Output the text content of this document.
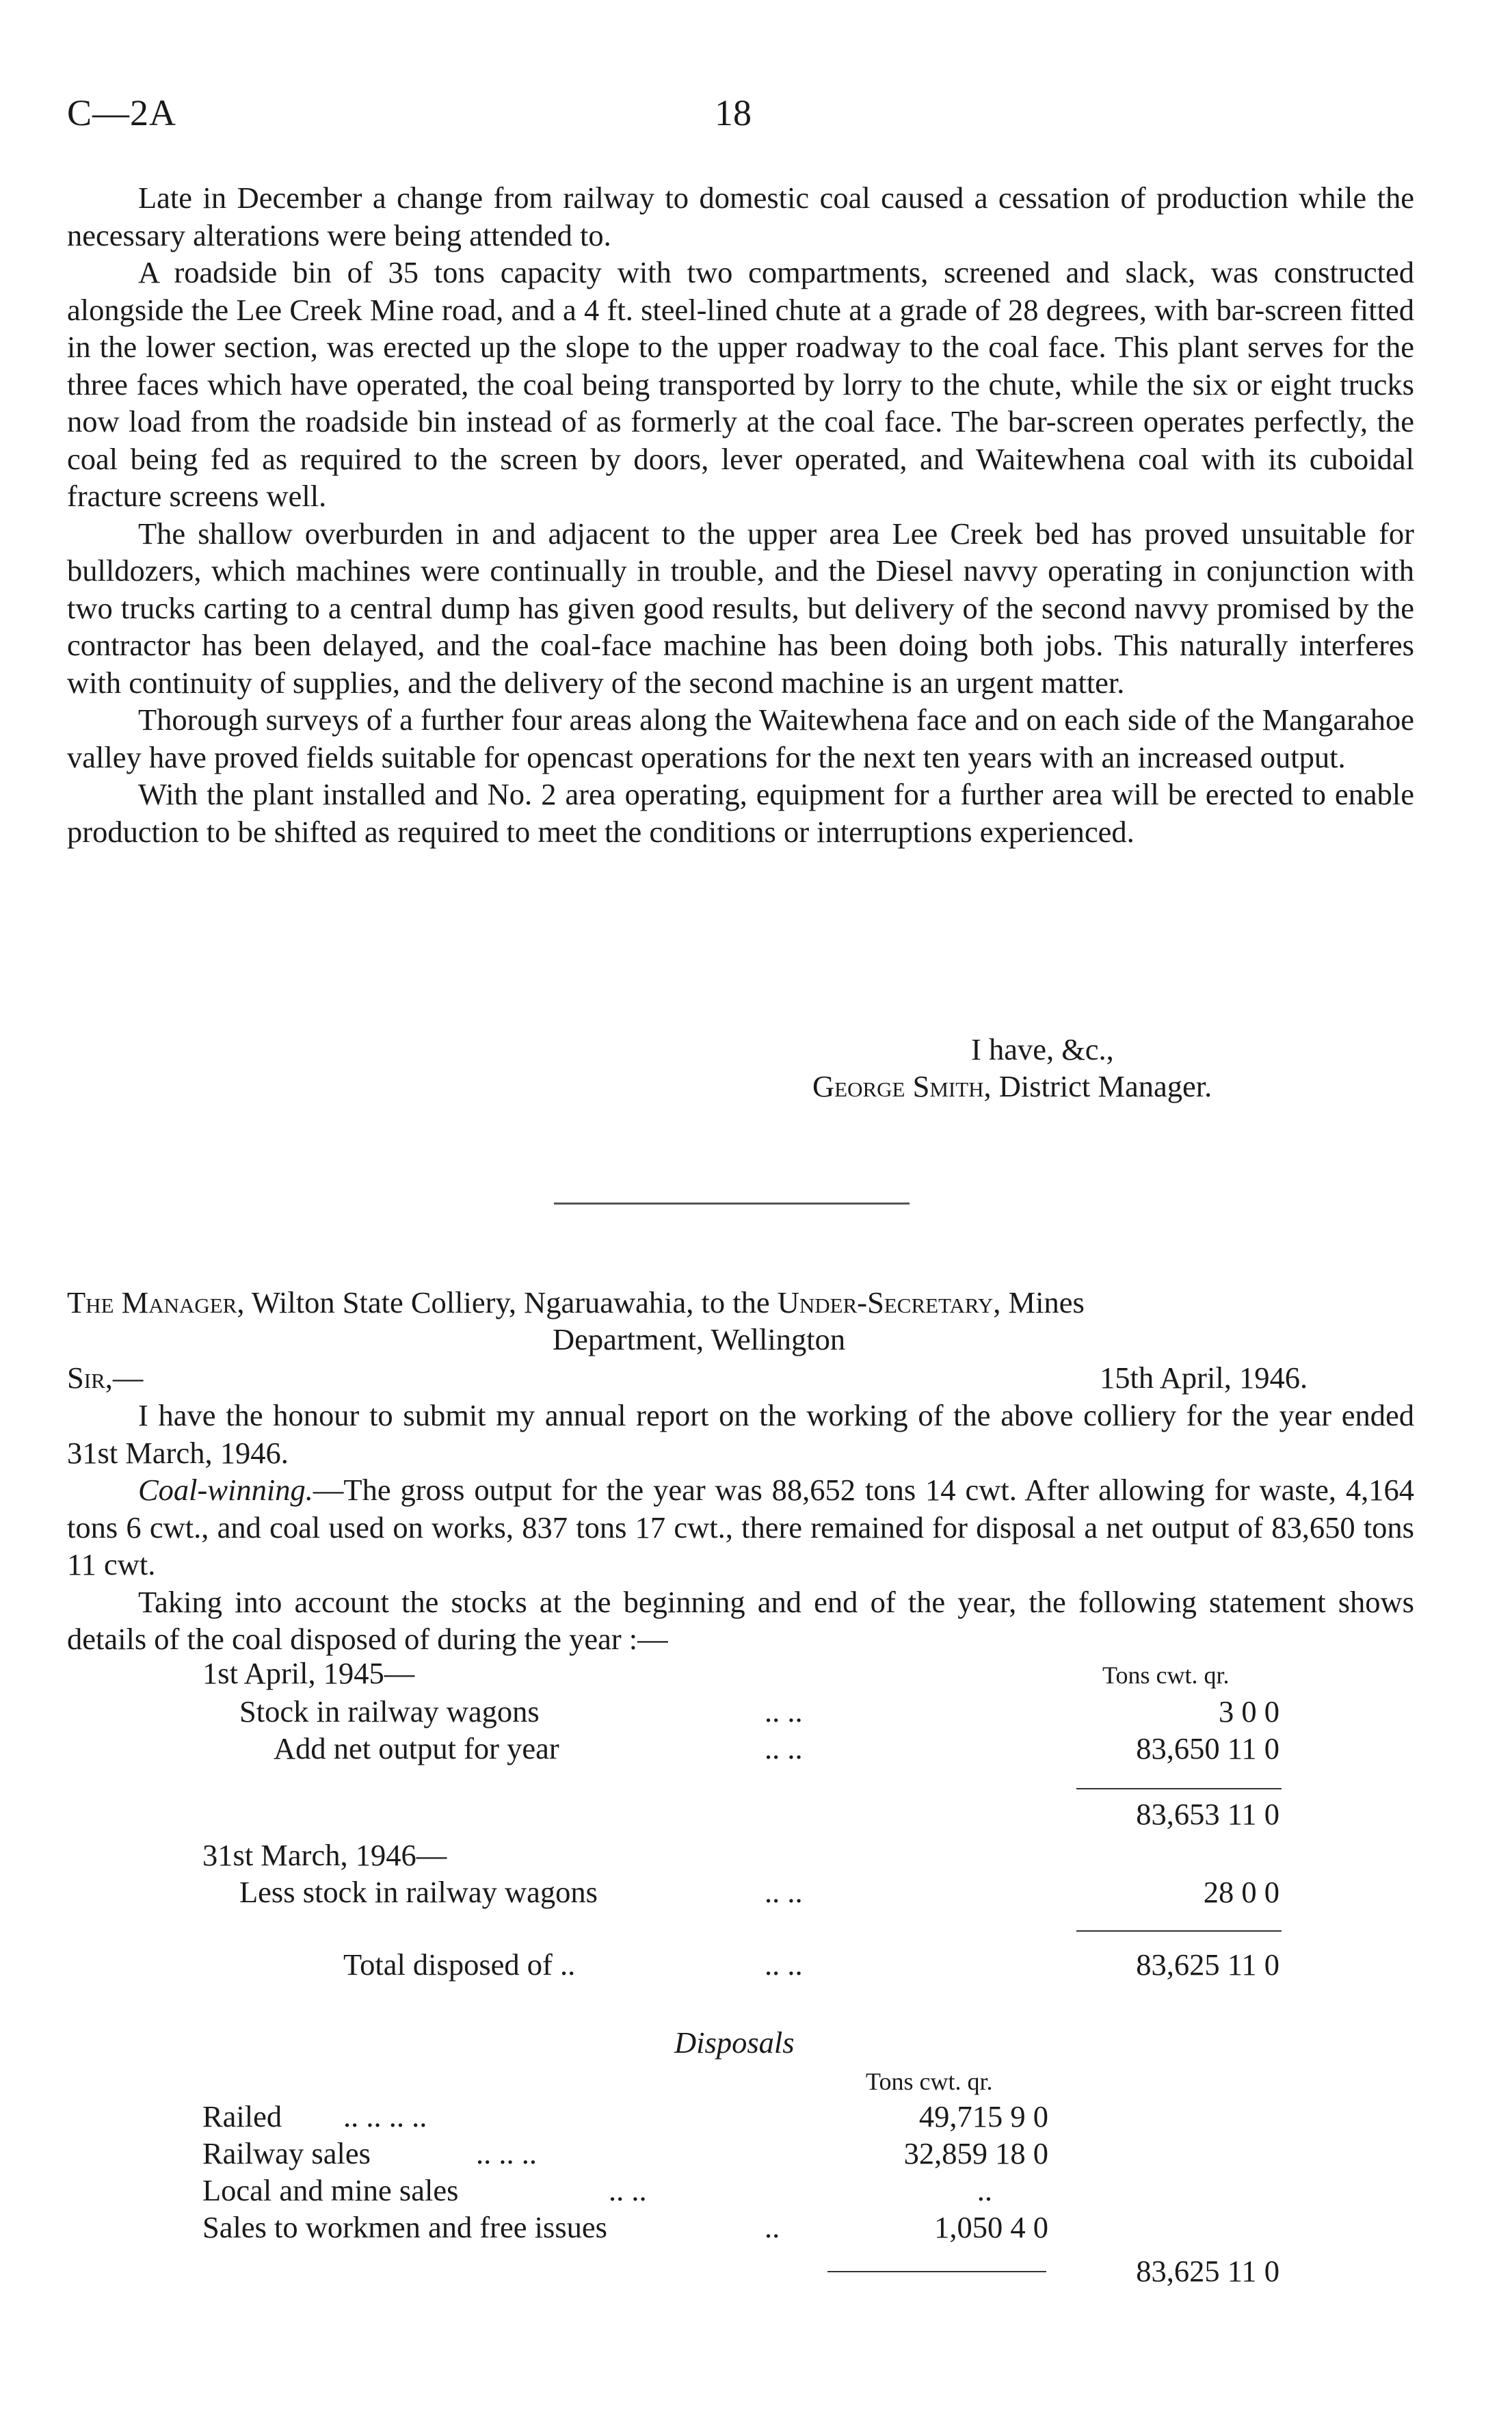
C—2A	18

Late in December a change from railway to domestic coal caused a cessation of production while the necessary alterations were being attended to.

A roadside bin of 35 tons capacity with two compartments, screened and slack, was constructed alongside the Lee Creek Mine road, and a 4 ft. steel-lined chute at a grade of 28 degrees, with bar-screen fitted in the lower section, was erected up the slope to the upper roadway to the coal face. This plant serves for the three faces which have operated, the coal being transported by lorry to the chute, while the six or eight trucks now load from the roadside bin instead of as formerly at the coal face. The bar-screen operates perfectly, the coal being fed as required to the screen by doors, lever operated, and Waitewhena coal with its cuboidal fracture screens well.

The shallow overburden in and adjacent to the upper area Lee Creek bed has proved unsuitable for bulldozers, which machines were continually in trouble, and the Diesel navvy operating in conjunction with two trucks carting to a central dump has given good results, but delivery of the second navvy promised by the contractor has been delayed, and the coal-face machine has been doing both jobs. This naturally interferes with continuity of supplies, and the delivery of the second machine is an urgent matter.

Thorough surveys of a further four areas along the Waitewhena face and on each side of the Mangarahoe valley have proved fields suitable for opencast operations for the next ten years with an increased output.

With the plant installed and No. 2 area operating, equipment for a further area will be erected to enable production to be shifted as required to meet the conditions or interruptions experienced.

I have, &c.,
George Smith, District Manager.
The Manager, Wilton State Colliery, Ngaruawahia, to the Under-Secretary, Mines
Department, Wellington
Sir,—	15th April, 1946.

I have the honour to submit my annual report on the working of the above colliery for the year ended 31st March, 1946.

Coal-winning.—The gross output for the year was 88,652 tons 14 cwt. After allowing for waste, 4,164 tons 6 cwt., and coal used on works, 837 tons 17 cwt., there remained for disposal a net output of 83,650 tons 11 cwt.

Taking into account the stocks at the beginning and end of the year, the following statement shows details of the coal disposed of during the year :—

Tons cwt. qr.
1st April, 1945—
Stock in railway wagons	.. ..	3 0 0
Add net output for year	.. ..	83,650 11 0
83,653 11 0
31st March, 1946—
Less stock in railway wagons	.. ..	28 0 0
Total disposed of ..	.. ..	83,625 11 0
Disposals
Tons cwt. qr.
Railed .. .. .. ..	49,715 9 0
Railway sales	.. .. ..	32,859 18 0
Local and mine sales	.. ..	..
Sales to workmen and free issues	..	1,050 4 0
83,625 11 0
